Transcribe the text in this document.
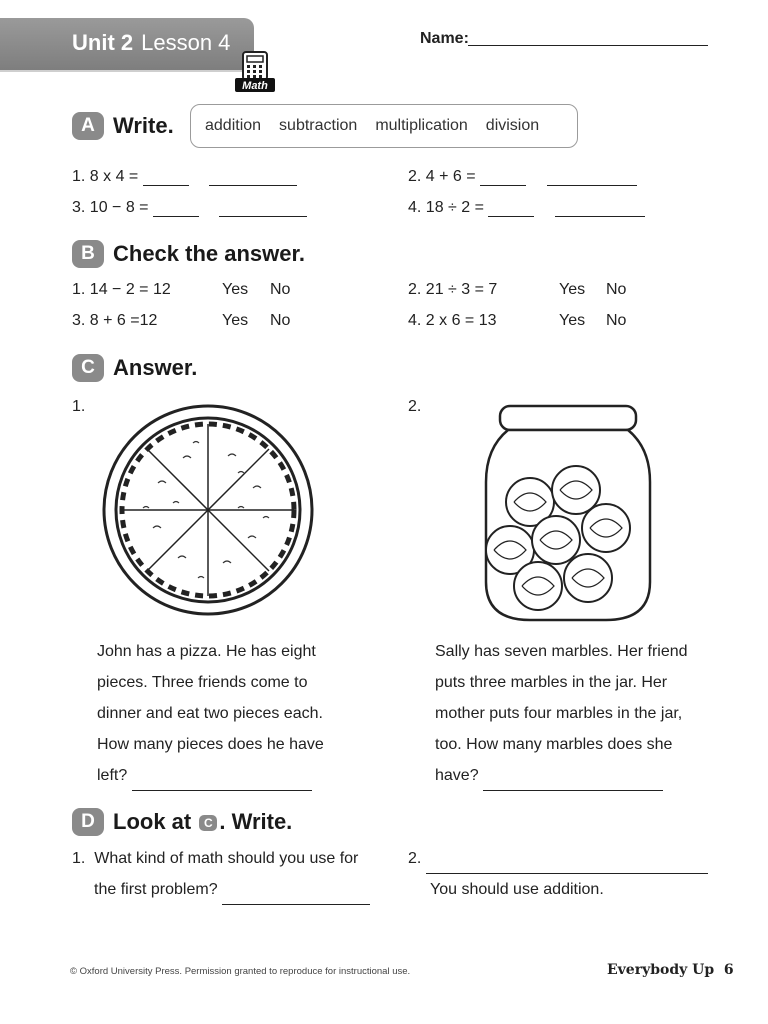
Unit 2 Lesson 4
Math
Name:
A Write. addition subtraction multiplication division
1. 8 x 4 =	2. 4 + 6 =
3. 10 − 8 =	4. 18 ÷ 2 =
B Check the answer.
1. 14 − 2 = 12	Yes No	2. 21 ÷ 3 = 7	Yes No
3. 8 + 6 =12	Yes No	4. 2 x 6 = 13	Yes No
C Answer.
1.	2.
John has a pizza. He has eight
pieces. Three friends come to
dinner and eat two pieces each.
How many pieces does he have
left?
Sally has seven marbles. Her friend
puts three marbles in the jar. Her
mother puts four marbles in the jar,
too. How many marbles does she
have?
D Look at C . Write.
1. What kind of math should you use for
the first problem?
2.
You should use addition.
© Oxford University Press. Permission granted to reproduce for instructional use.	Everybody Up 6
